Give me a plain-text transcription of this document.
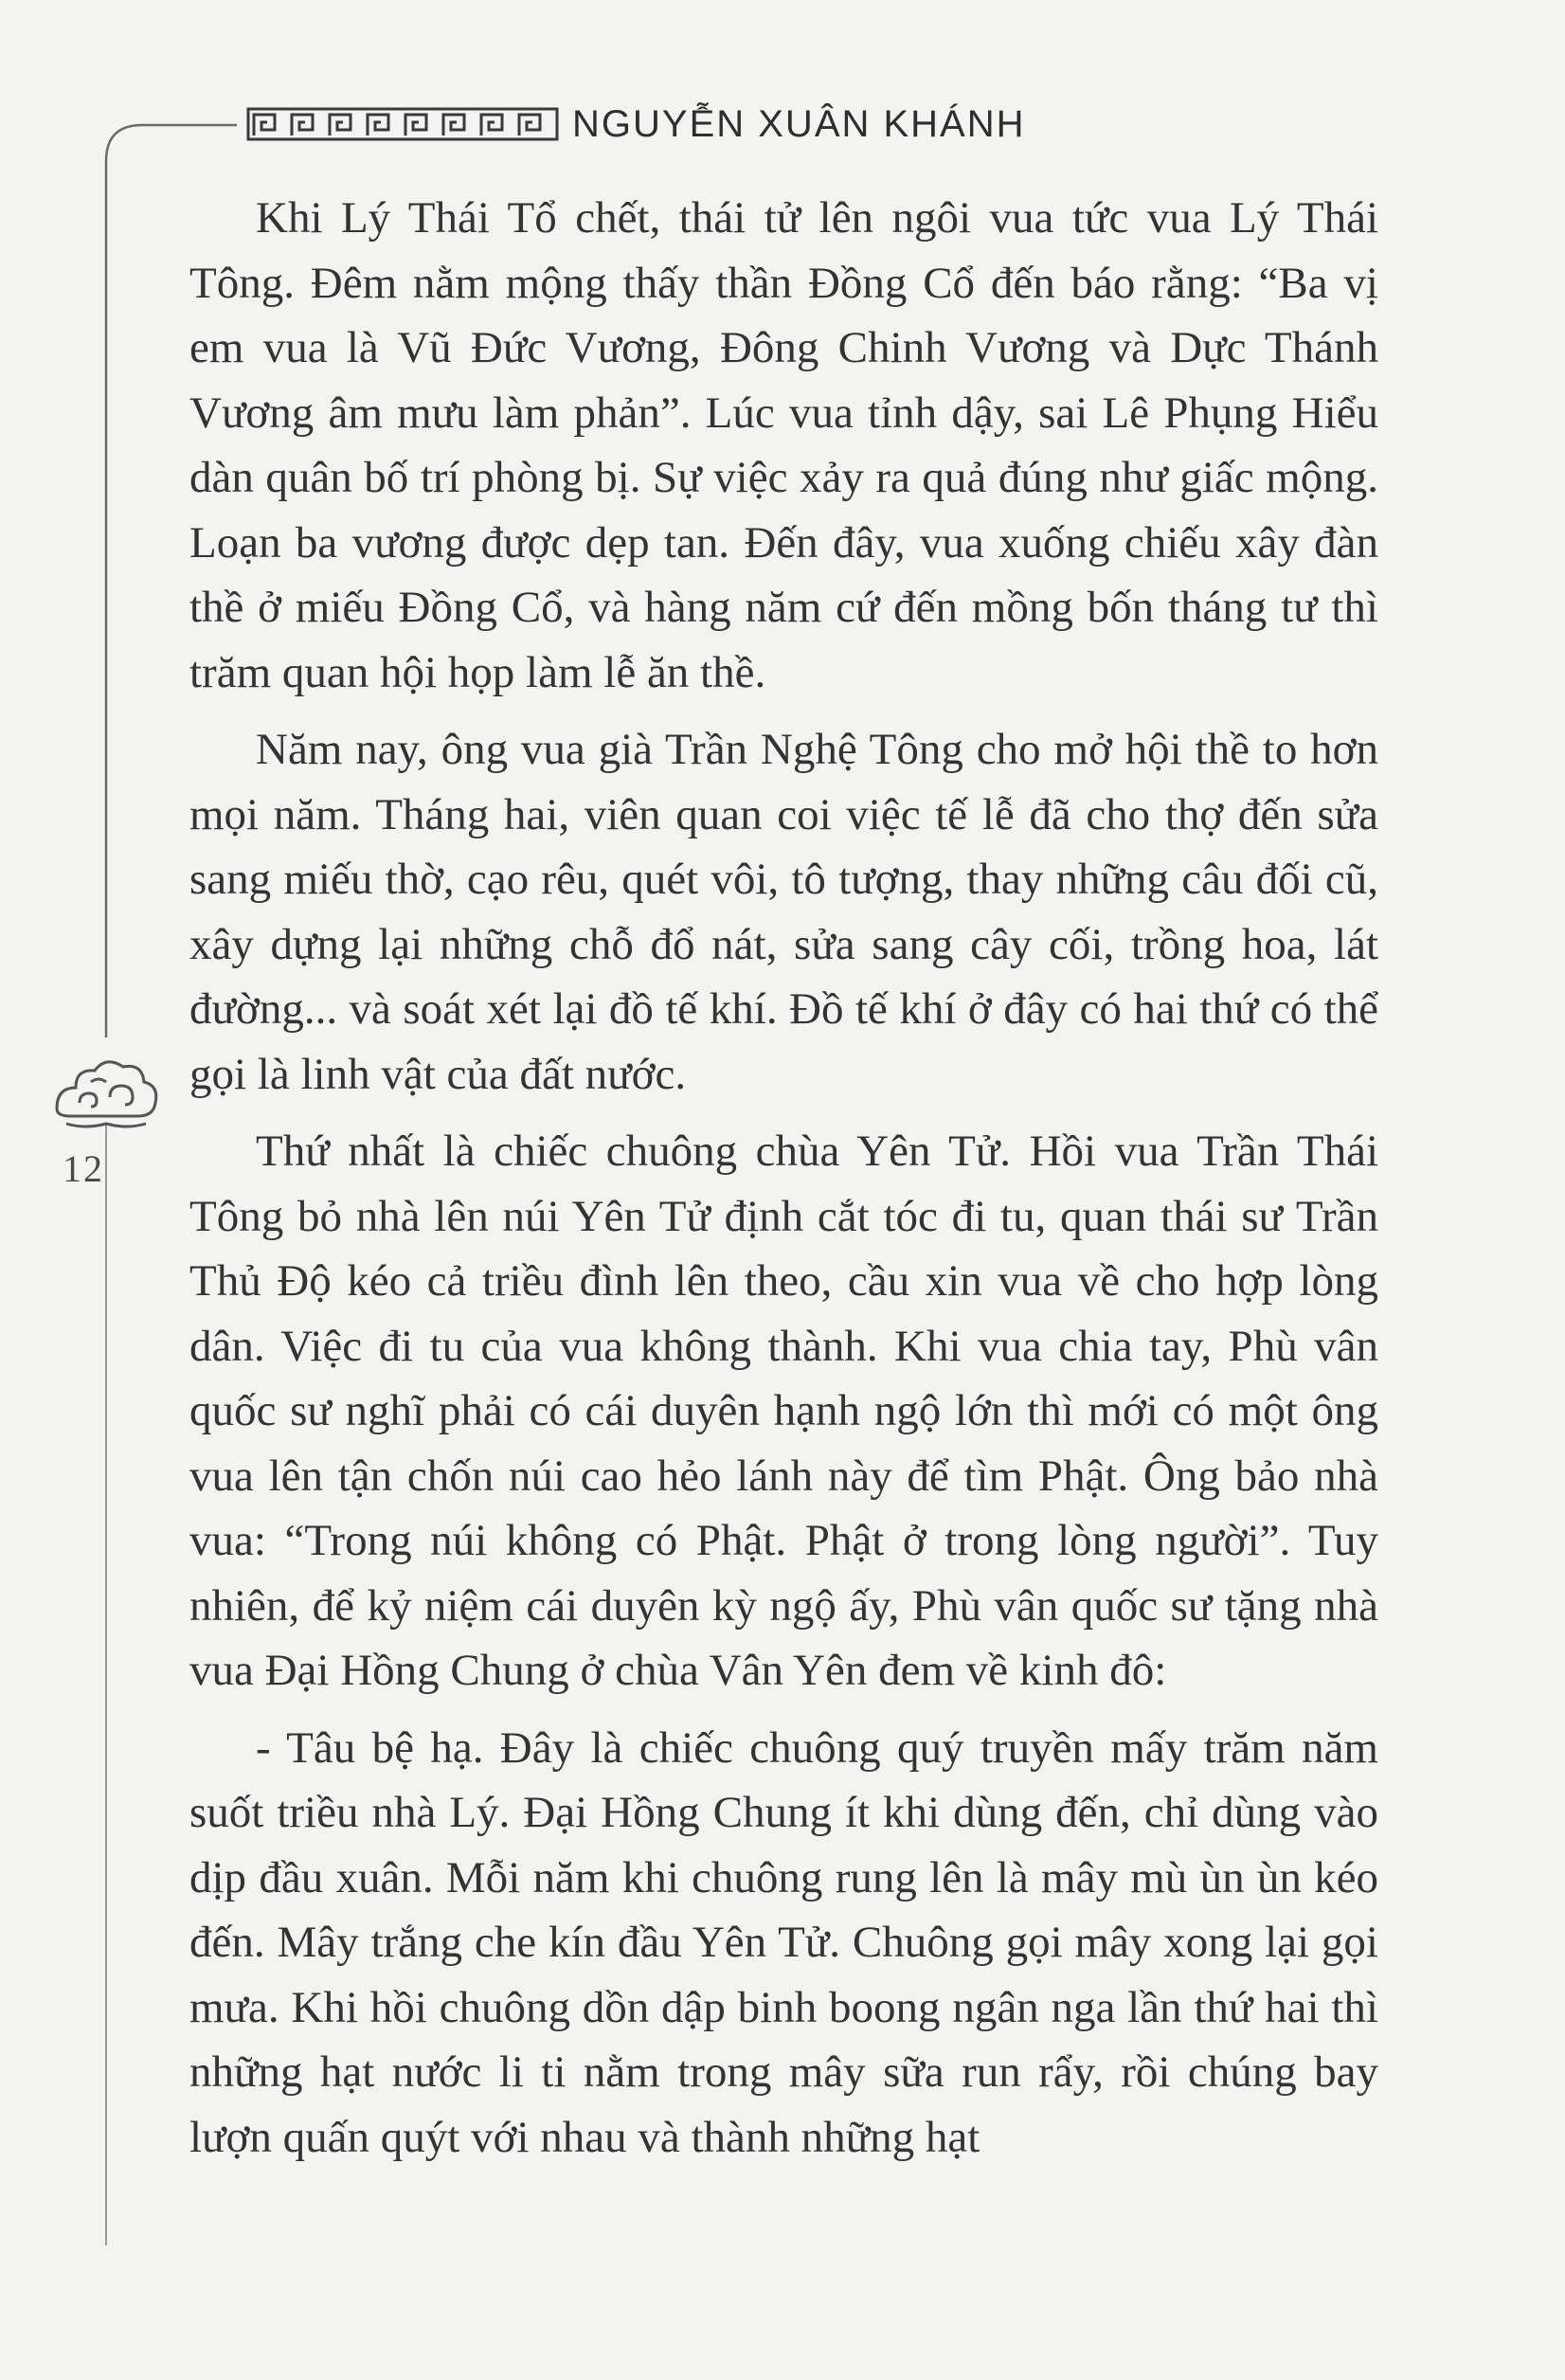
NGUYỄN XUÂN KHÁNH
12

Khi Lý Thái Tổ chết, thái tử lên ngôi vua tức vua Lý Thái Tông. Đêm nằm mộng thấy thần Đồng Cổ đến báo rằng: “Ba vị em vua là Vũ Đức Vương, Đông Chinh Vương và Dực Thánh Vương âm mưu làm phản”. Lúc vua tỉnh dậy, sai Lê Phụng Hiểu dàn quân bố trí phòng bị. Sự việc xảy ra quả đúng như giấc mộng. Loạn ba vương được dẹp tan. Đến đây, vua xuống chiếu xây đàn thề ở miếu Đồng Cổ, và hàng năm cứ đến mồng bốn tháng tư thì trăm quan hội họp làm lễ ăn thề.

Năm nay, ông vua già Trần Nghệ Tông cho mở hội thề to hơn mọi năm. Tháng hai, viên quan coi việc tế lễ đã cho thợ đến sửa sang miếu thờ, cạo rêu, quét vôi, tô tượng, thay những câu đối cũ, xây dựng lại những chỗ đổ nát, sửa sang cây cối, trồng hoa, lát đường... và soát xét lại đồ tế khí. Đồ tế khí ở đây có hai thứ có thể gọi là linh vật của đất nước.

Thứ nhất là chiếc chuông chùa Yên Tử. Hồi vua Trần Thái Tông bỏ nhà lên núi Yên Tử định cắt tóc đi tu, quan thái sư Trần Thủ Độ kéo cả triều đình lên theo, cầu xin vua về cho hợp lòng dân. Việc đi tu của vua không thành. Khi vua chia tay, Phù vân quốc sư nghĩ phải có cái duyên hạnh ngộ lớn thì mới có một ông vua lên tận chốn núi cao hẻo lánh này để tìm Phật. Ông bảo nhà vua: “Trong núi không có Phật. Phật ở trong lòng người”. Tuy nhiên, để kỷ niệm cái duyên kỳ ngộ ấy, Phù vân quốc sư tặng nhà vua Đại Hồng Chung ở chùa Vân Yên đem về kinh đô:

- Tâu bệ hạ. Đây là chiếc chuông quý truyền mấy trăm năm suốt triều nhà Lý. Đại Hồng Chung ít khi dùng đến, chỉ dùng vào dịp đầu xuân. Mỗi năm khi chuông rung lên là mây mù ùn ùn kéo đến. Mây trắng che kín đầu Yên Tử. Chuông gọi mây xong lại gọi mưa. Khi hồi chuông dồn dập binh boong ngân nga lần thứ hai thì những hạt nước li ti nằm trong mây sữa run rẩy, rồi chúng bay lượn quấn quýt với nhau và thành những hạt
